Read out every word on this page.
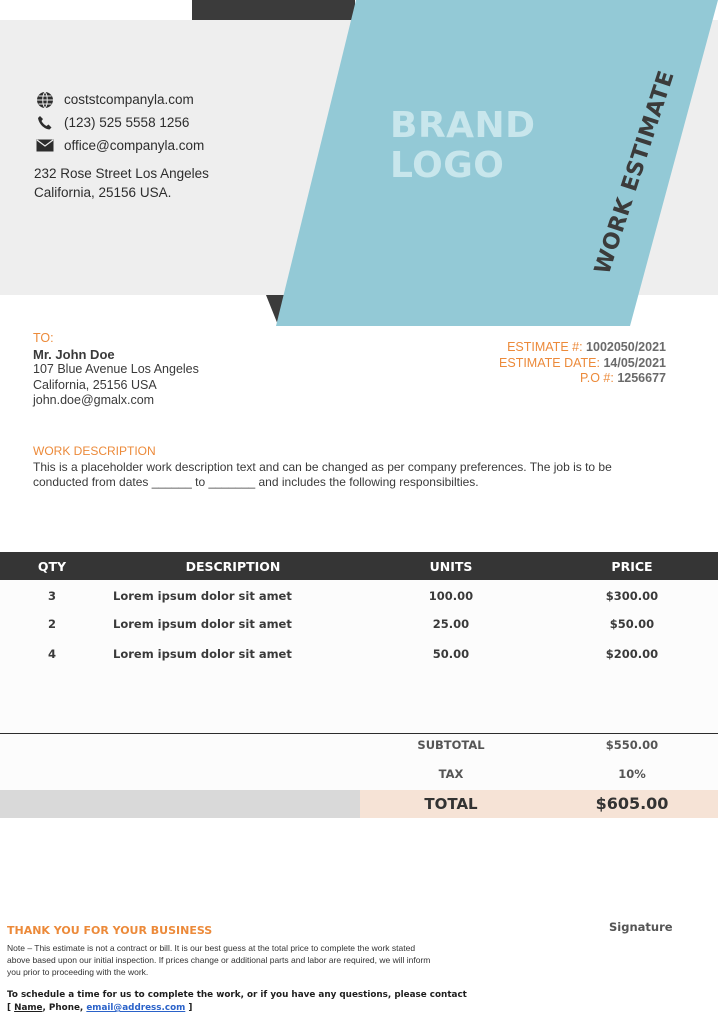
coststcompanyla.com
(123) 525 5558 1256
office@companyla.com
232 Rose Street Los Angeles
California, 25156 USA.
BRAND
LOGO	WORK ESTIMATE
TO:
Mr. John Doe
107 Blue Avenue Los Angeles
California, 25156 USA
john.doe@gmalx.com
ESTIMATE #: 1002050/2021
ESTIMATE DATE: 14/05/2021
P.O #: 1256677
WORK DESCRIPTION
This is a placeholder work description text and can be changed as per company preferences. The job is to be
conducted from dates ______ to _______ and includes the following responsibilties.
QTY	DESCRIPTION	UNITS	PRICE
3	Lorem ipsum dolor sit amet	100.00	$300.00
2	Lorem ipsum dolor sit amet	25.00	$50.00
4	Lorem ipsum dolor sit amet	50.00	$200.00
SUBTOTAL	$550.00
TAX	10%
TOTAL	$605.00
THANK YOU FOR YOUR BUSINESS	Signature
Note – This estimate is not a contract or bill. It is our best guess at the total price to complete the work stated
above based upon our initial inspection. If prices change or additional parts and labor are required, we will inform
you prior to proceeding with the work.
To schedule a time for us to complete the work, or if you have any questions, please contact
[ Name, Phone, email@address.com ]
